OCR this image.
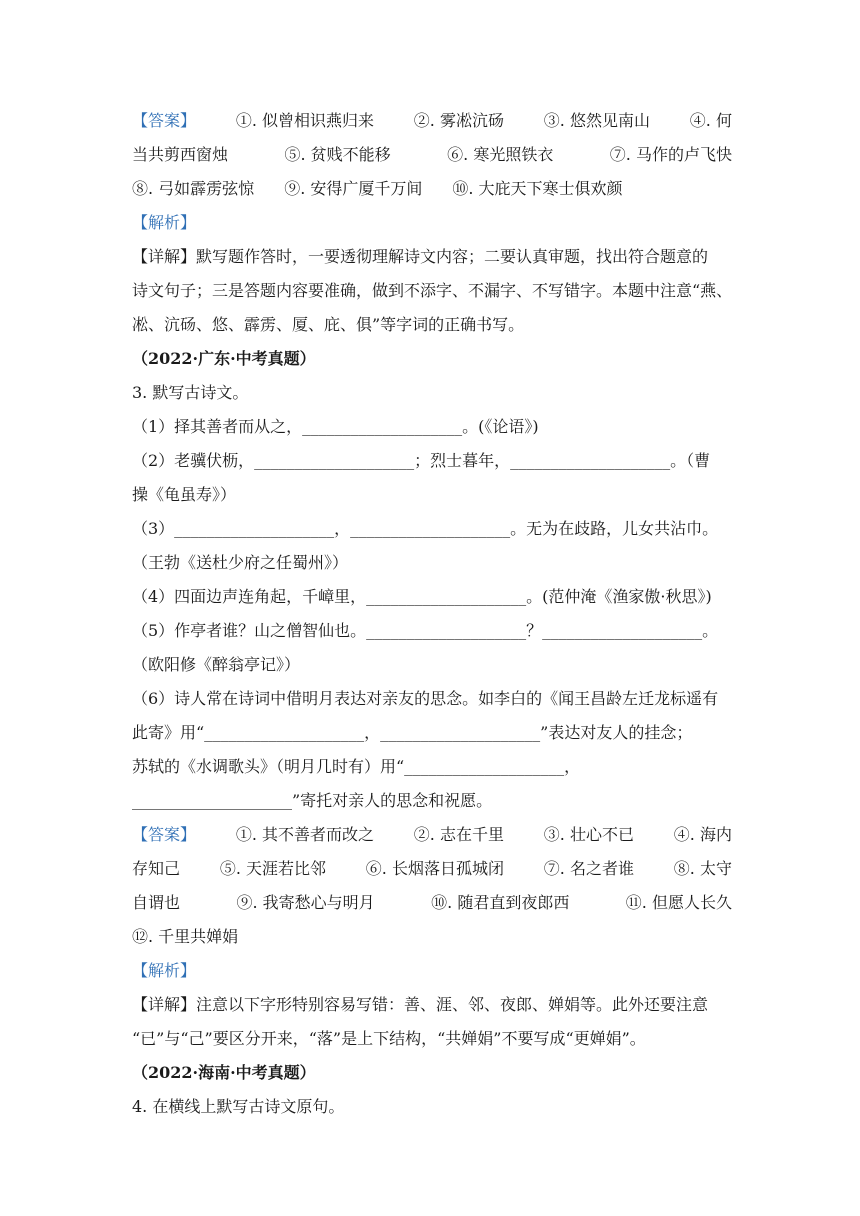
【答案】 ①. 似曾相识燕归来 ②. 雾凇沆砀 ③. 悠然见南山 ④. 何
当共剪西窗烛	⑤. 贫贱不能移	⑥. 寒光照铁衣	⑦. 马作的卢飞快
⑧. 弓如霹雳弦惊 ⑨. 安得广厦千万间 ⑩. 大庇天下寒士俱欢颜
【解析】
【详解】默写题作答时，一要透彻理解诗文内容；二要认真审题，找出符合题意的
诗文句子；三是答题内容要准确，做到不添字、不漏字、不写错字。本题中注意“燕、
凇、沆砀、悠、霹雳、厦、庇、俱”等字词的正确书写。
（2022·广东·中考真题）
3. 默写古诗文。
（1）择其善者而从之，____________________。(《论语》)
（2）老骥伏枥，____________________；烈士暮年，____________________。（曹
操《龟虽寿》）
（3）____________________，____________________。无为在歧路，儿女共沾巾。
（王勃《送杜少府之任蜀州》）
（4）四面边声连角起，千嶂里，____________________。(范仲淹《渔家傲·秋思》)
（5）作亭者谁？山之僧智仙也。____________________？____________________。
（欧阳修《醉翁亭记》）
（6）诗人常在诗词中借明月表达对亲友的思念。如李白的《闻王昌龄左迁龙标遥有
此寄》用“____________________，____________________”表达对友人的挂念；
苏轼的《水调歌头》（明月几时有）用“____________________，
____________________”寄托对亲人的思念和祝愿。
【答案】 ①. 其不善者而改之 ②. 志在千里 ③. 壮心不已 ④. 海内
存知己 ⑤. 天涯若比邻 ⑥. 长烟落日孤城闭 ⑦. 名之者谁 ⑧. 太守
自谓也	⑨. 我寄愁心与明月	⑩. 随君直到夜郎西	⑪. 但愿人长久
⑫. 千里共婵娟
【解析】
【详解】注意以下字形特别容易写错：善、涯、邻、夜郎、婵娟等。此外还要注意
“已”与“己”要区分开来，“落”是上下结构，“共婵娟”不要写成“更婵娟”。
（2022·海南·中考真题）
4. 在横线上默写古诗文原句。
